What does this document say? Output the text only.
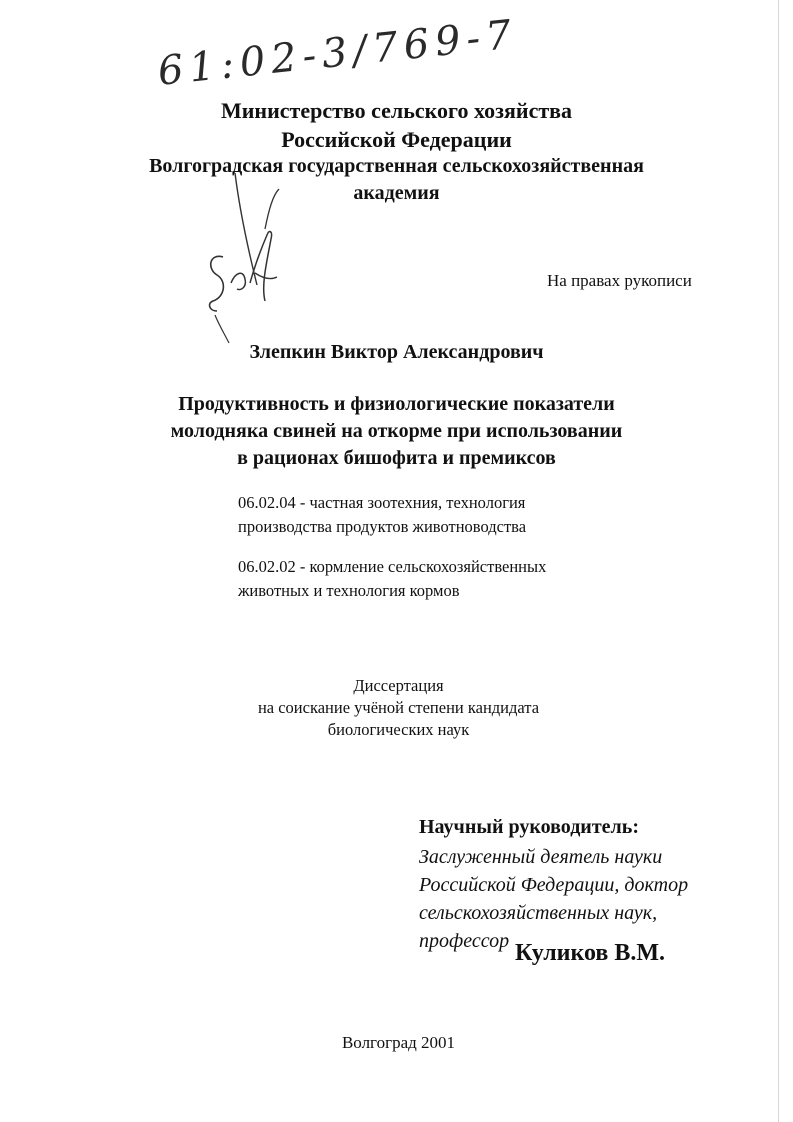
61:02-3/769-7
Министерство сельского хозяйства
Российской Федерации
Волгоградская государственная сельскохозяйственная
академия
На правах рукописи
Злепкин Виктор Александрович
Продуктивность и физиологические показатели
молодняка свиней на откорме при использовании
в рационах бишофита и премиксов
06.02.04 - частная зоотехния, технология
производства продуктов животноводства
06.02.02 - кормление сельскохозяйственных
животных и технология кормов
Диссертация
на соискание учёной степени кандидата
биологических наук
Научный руководитель:
Заслуженный деятель науки
Российской Федерации, доктор
сельскохозяйственных наук,
профессор Куликов В.М.
Волгоград 2001
